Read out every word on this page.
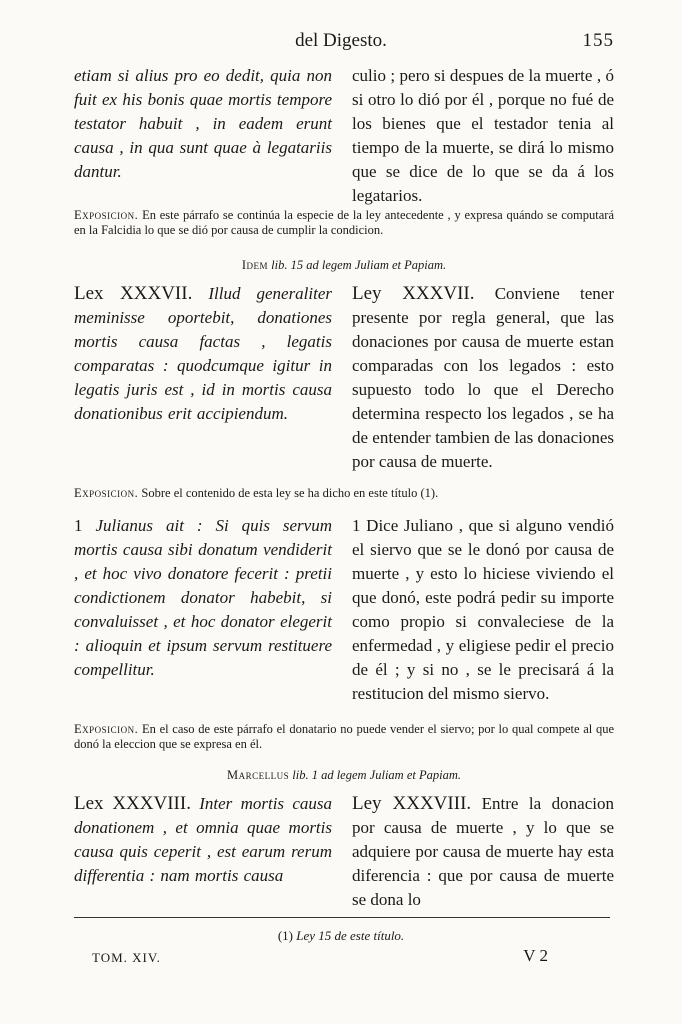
del Digesto.	155
etiam si alius pro eo dedit, quia non fuit ex his bonis quae mortis tempore testator habuit , in eadem erunt causa , in qua sunt quae à legatariis dantur.
culio ; pero si despues de la muerte , ó si otro lo dió por él , porque no fué de los bienes que el testador tenia al tiempo de la muerte, se dirá lo mismo que se dice de lo que se da á los legatarios.
Exposicion. En este párrafo se continúa la especie de la ley antecedente , y expresa quándo se computará en la Falcidia lo que se dió por causa de cumplir la condicion.
Idem lib. 15 ad legem Juliam et Papiam.
Lex XXXVII. Illud generaliter meminisse oportebit, donationes mortis causa factas , legatis comparatas : quodcumque igitur in legatis juris est , id in mortis causa donationibus erit accipiendum.
Ley XXXVII. Conviene tener presente por regla general, que las donaciones por causa de muerte estan comparadas con los legados : esto supuesto todo lo que el Derecho determina respecto los legados , se ha de entender tambien de las donaciones por causa de muerte.
Exposicion. Sobre el contenido de esta ley se ha dicho en este título (1).
1 Julianus ait : Si quis servum mortis causa sibi donatum vendiderit , et hoc vivo donatore fecerit : pretii condictionem donator habebit, si convaluisset , et hoc donator elegerit : alioquin et ipsum servum restituere compellitur.
1 Dice Juliano , que si alguno vendió el siervo que se le donó por causa de muerte , y esto lo hiciese viviendo el que donó, este podrá pedir su importe como propio si convaleciese de la enfermedad , y eligiese pedir el precio de él ; y si no , se le precisará á la restitucion del mismo siervo.
Exposicion. En el caso de este párrafo el donatario no puede vender el siervo; por lo qual compete al que donó la eleccion que se expresa en él.
Marcellus lib. 1 ad legem Juliam et Papiam.
Lex XXXVIII. Inter mortis causa donationem , et omnia quae mortis causa quis ceperit , est earum rerum differentia : nam mortis causa
Ley XXXVIII. Entre la donacion por causa de muerte , y lo que se adquiere por causa de muerte hay esta diferencia : que por causa de muerte se dona lo
(1) Ley 15 de este título.
TOM. XIV.	V 2
